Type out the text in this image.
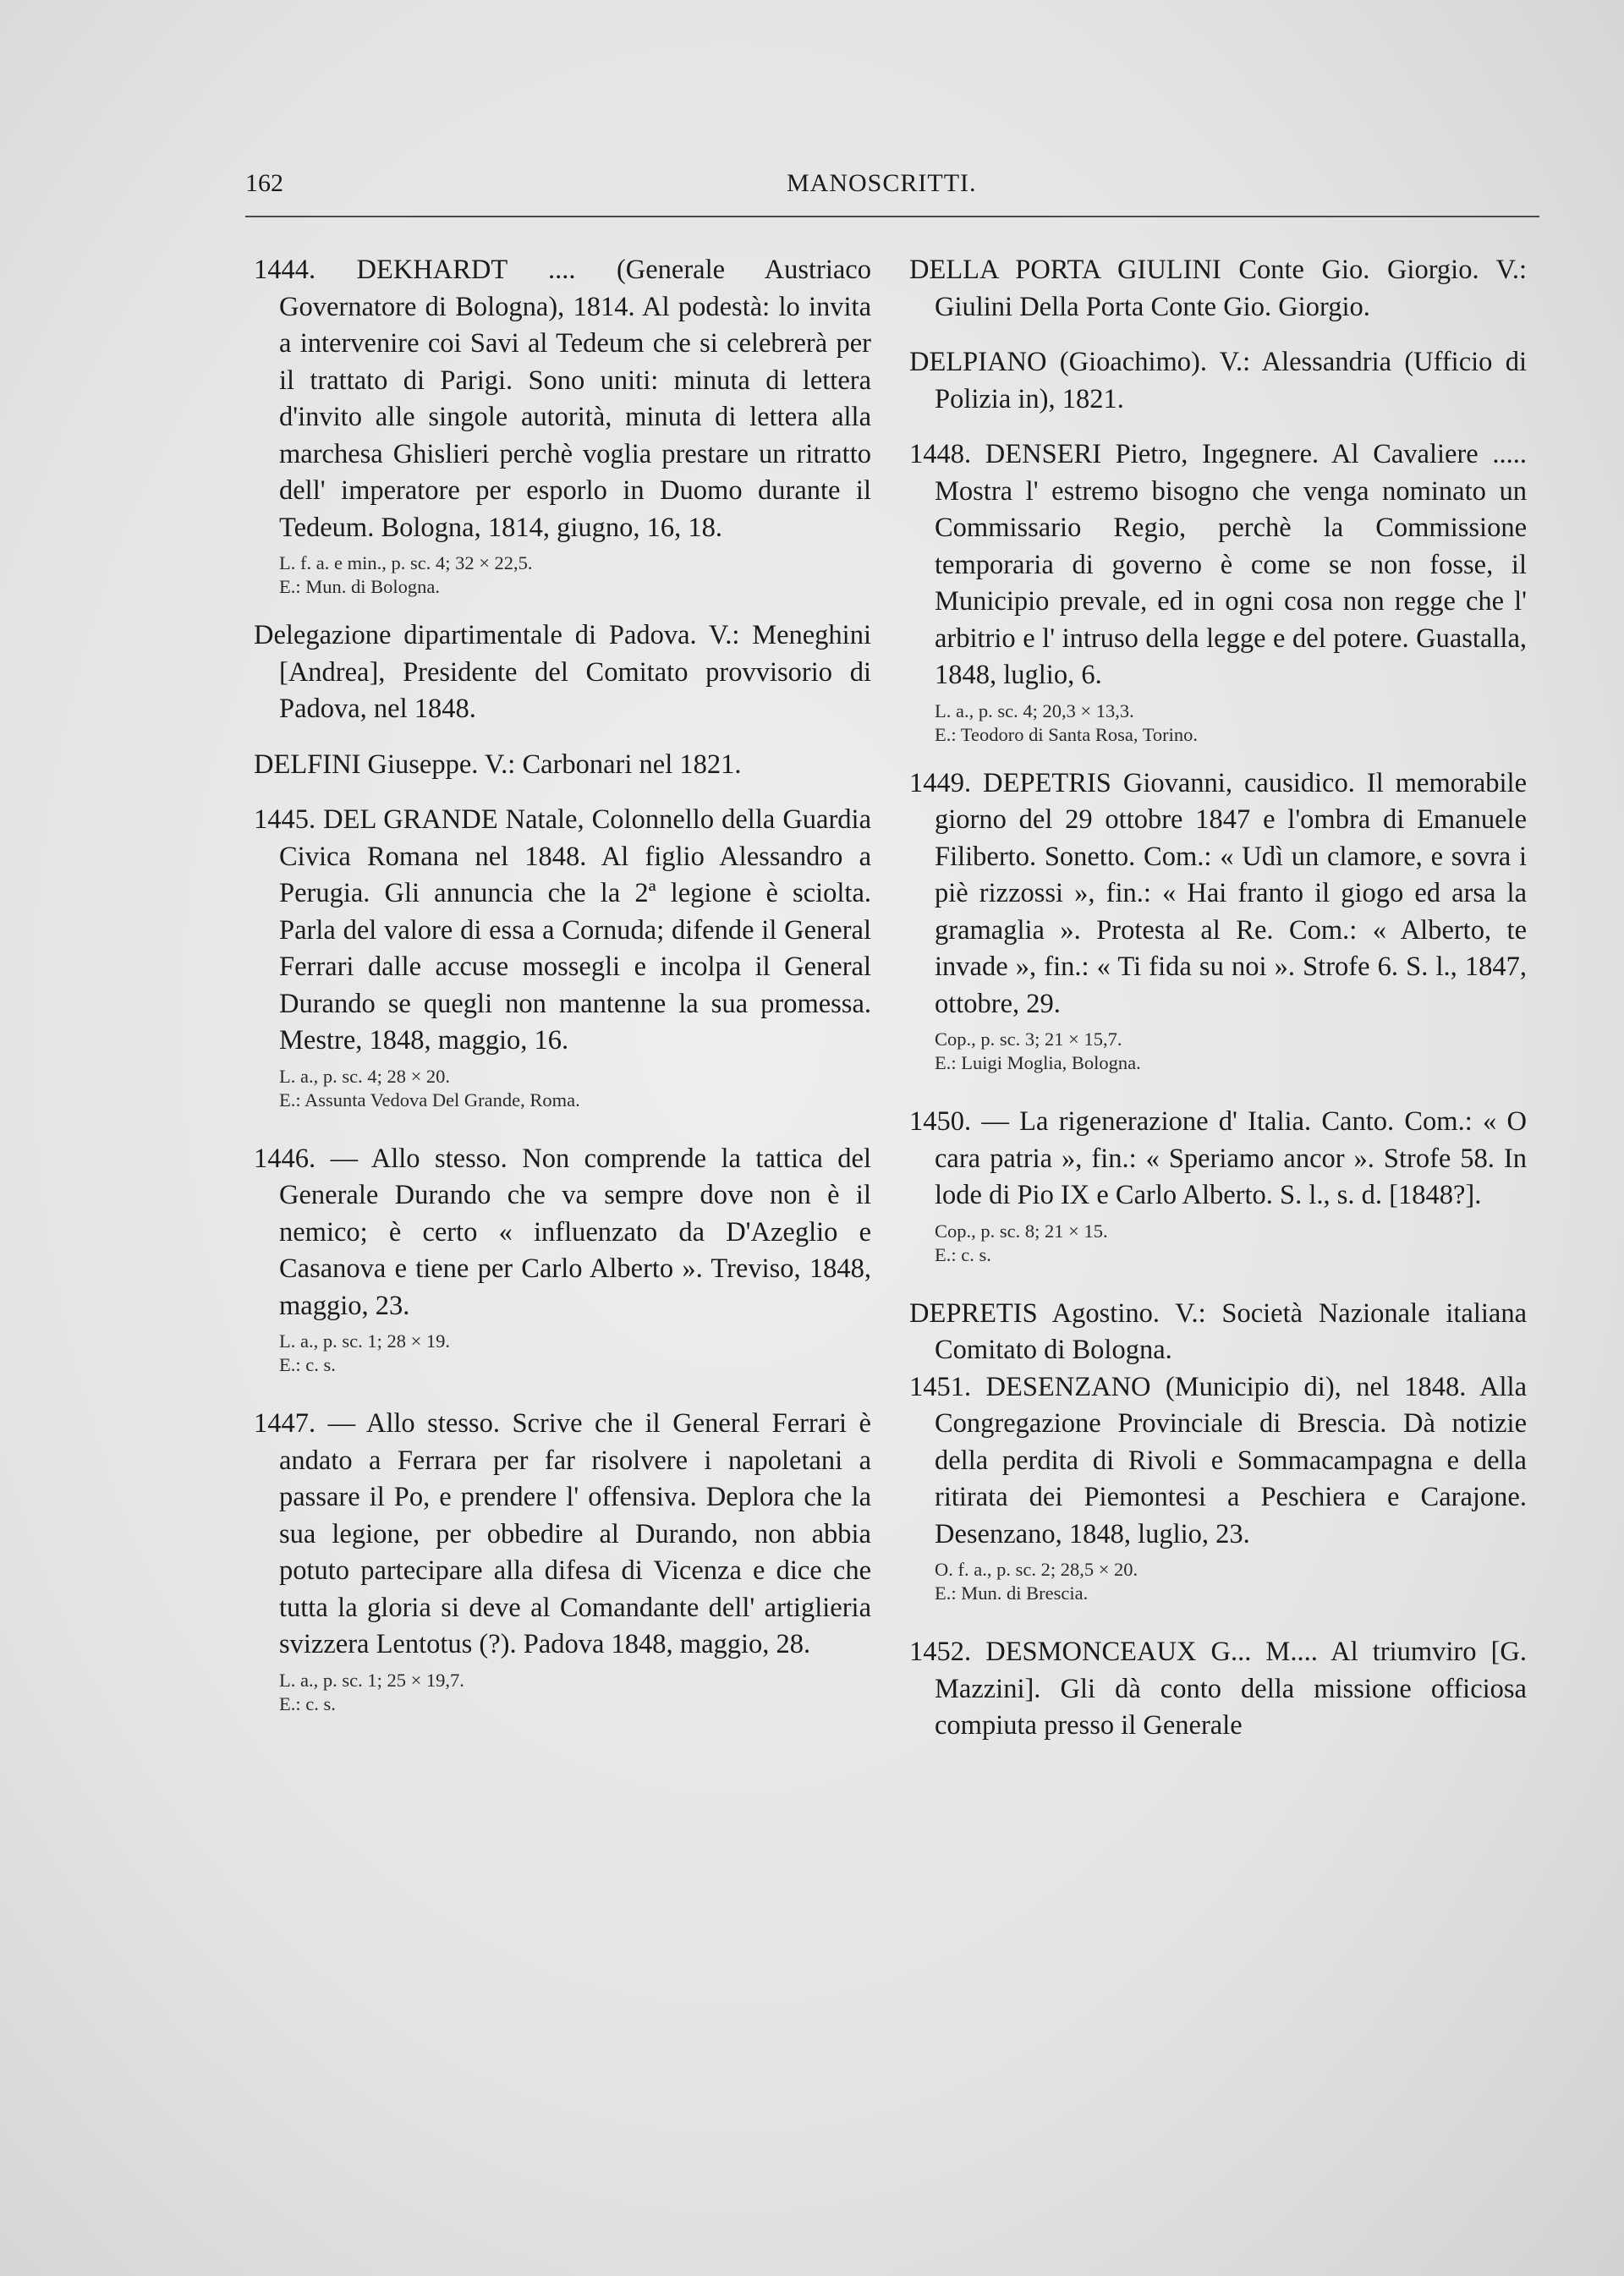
162	MANOSCRITTI.
1444. DEKHARDT .... (Generale Austriaco Governatore di Bologna), 1814. Al podestà: lo invita a intervenire coi Savi al Tedeum che si celebrerà per il trattato di Parigi. Sono uniti: minuta di lettera d'invito alle singole autorità, minuta di lettera alla marchesa Ghislieri perchè voglia prestare un ritratto dell' imperatore per esporlo in Duomo durante il Tedeum. Bologna, 1814, giugno, 16, 18.
L. f. a. e min., p. sc. 4; 32 × 22,5.
E.: Mun. di Bologna.
Delegazione dipartimentale di Padova. V.: Meneghini [Andrea], Presidente del Comitato provvisorio di Padova, nel 1848.
DELFINI Giuseppe. V.: Carbonari nel 1821.
1445. DEL GRANDE Natale, Colonnello della Guardia Civica Romana nel 1848. Al figlio Alessandro a Perugia. Gli annuncia che la 2ª legione è sciolta. Parla del valore di essa a Cornuda; difende il General Ferrari dalle accuse mossegli e incolpa il General Durando se quegli non mantenne la sua promessa. Mestre, 1848, maggio, 16.
L. a., p. sc. 4; 28 × 20.
E.: Assunta Vedova Del Grande, Roma.
1446. — Allo stesso. Non comprende la tattica del Generale Durando che va sempre dove non è il nemico; è certo « influenzato da D'Azeglio e Casanova e tiene per Carlo Alberto ». Treviso, 1848, maggio, 23.
L. a., p. sc. 1; 28 × 19.
E.: c. s.
1447. — Allo stesso. Scrive che il General Ferrari è andato a Ferrara per far risolvere i napoletani a passare il Po, e prendere l' offensiva. Deplora che la sua legione, per obbedire al Durando, non abbia potuto partecipare alla difesa di Vicenza e dice che tutta la gloria si deve al Comandante dell' artiglieria svizzera Lentotus (?). Padova 1848, maggio, 28.
L. a., p. sc. 1; 25 × 19,7.
E.: c. s.
DELLA PORTA GIULINI Conte Gio. Giorgio. V.: Giulini Della Porta Conte Gio. Giorgio.
DELPIANO (Gioachimo). V.: Alessandria (Ufficio di Polizia in), 1821.
1448. DENSERI Pietro, Ingegnere. Al Cavaliere ..... Mostra l' estremo bisogno che venga nominato un Commissario Regio, perchè la Commissione temporaria di governo è come se non fosse, il Municipio prevale, ed in ogni cosa non regge che l' arbitrio e l' intruso della legge e del potere. Guastalla, 1848, luglio, 6.
L. a., p. sc. 4; 20,3 × 13,3.
E.: Teodoro di Santa Rosa, Torino.
1449. DEPETRIS Giovanni, causidico. Il memorabile giorno del 29 ottobre 1847 e l'ombra di Emanuele Filiberto. Sonetto. Com.: « Udì un clamore, e sovra i piè rizzossi », fin.: « Hai franto il giogo ed arsa la gramaglia ». Protesta al Re. Com.: « Alberto, te invade », fin.: « Ti fida su noi ». Strofe 6. S. l., 1847, ottobre, 29.
Cop., p. sc. 3; 21 × 15,7.
E.: Luigi Moglia, Bologna.
1450. — La rigenerazione d' Italia. Canto. Com.: « O cara patria », fin.: « Speriamo ancor ». Strofe 58. In lode di Pio IX e Carlo Alberto. S. l., s. d. [1848?].
Cop., p. sc. 8; 21 × 15.
E.: c. s.
DEPRETIS Agostino. V.: Società Nazionale italiana Comitato di Bologna.
1451. DESENZANO (Municipio di), nel 1848. Alla Congregazione Provinciale di Brescia. Dà notizie della perdita di Rivoli e Sommacampagna e della ritirata dei Piemontesi a Peschiera e Carajone. Desenzano, 1848, luglio, 23.
O. f. a., p. sc. 2; 28,5 × 20.
E.: Mun. di Brescia.
1452. DESMONCEAUX G... M.... Al triumviro [G. Mazzini]. Gli dà conto della missione officiosa compiuta presso il Generale
